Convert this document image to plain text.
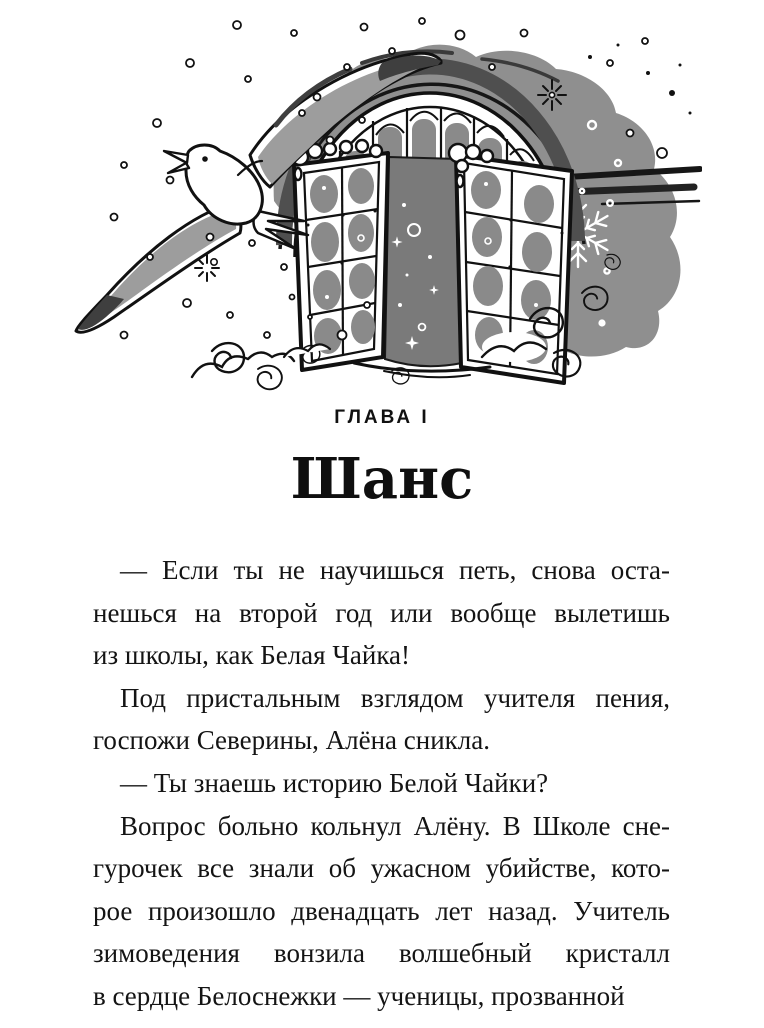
ГЛАВА I
Шанс
— Если ты не научишься петь, снова оста-
нешься на второй год или вообще вылетишь
из школы, как Белая Чайка!
Под пристальным взглядом учителя пения,
госпожи Северины, Алёна сникла.
— Ты знаешь историю Белой Чайки?
Вопрос больно кольнул Алёну. В Школе сне-
гурочек все знали об ужасном убийстве, кото-
рое произошло двенадцать лет назад. Учитель
зимоведения вонзила волшебный кристалл
в сердце Белоснежки — ученицы, прозванной
